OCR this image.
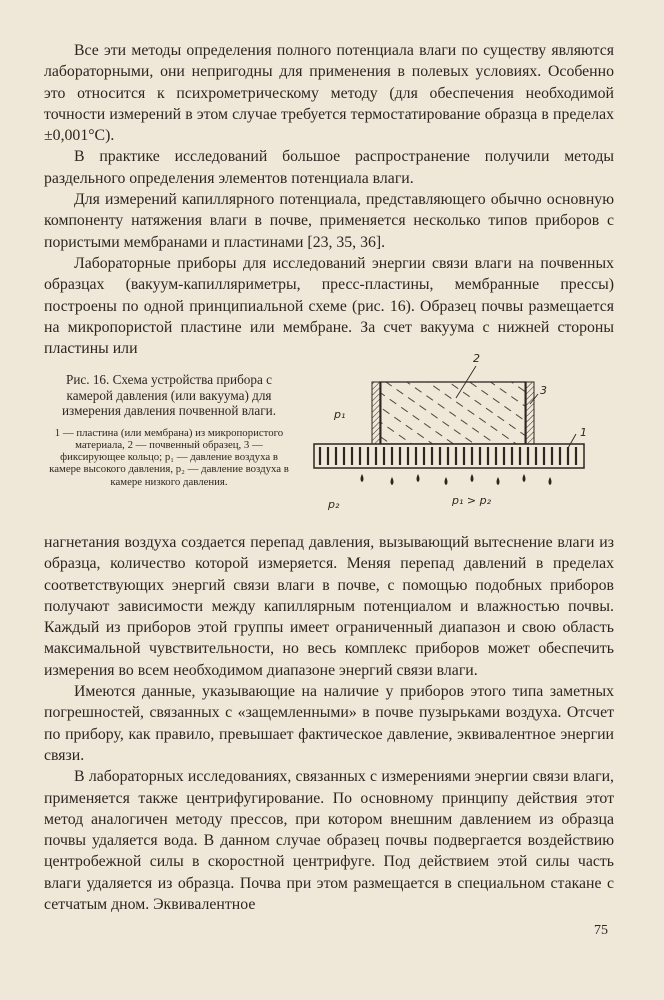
Все эти методы определения полного потенциала влаги по существу являются лабораторными, они непригодны для применения в полевых условиях. Особенно это относится к психрометрическому методу (для обеспечения необходимой точности измерений в этом случае требуется термостатирование образца в пределах ±0,001°С).

В практике исследований большое распространение получили методы раздельного определения элементов потенциала влаги.

Для измерений капиллярного потенциала, представляющего обычно основную компоненту натяжения влаги в почве, применяется несколько типов приборов с пористыми мембранами и пластинами [23, 35, 36].

Лабораторные приборы для исследований энергии связи влаги на почвенных образцах (вакуум-капилляриметры, пресс-пластины, мембранные прессы) построены по одной принципиальной схеме (рис. 16). Образец почвы размещается на микропористой пластине или мембране. За счет вакуума с нижней стороны пластины или

Рис. 16. Схема устройства прибора с камерой давления (или вакуума) для измерения давления почвенной влаги.

1 — пластина (или мембрана) из микропористого материала, 2 — почвенный образец, 3 — фиксирующее кольцо; p₁ — давление воздуха в камере высокого давления, p₂ — давление воздуха в камере низкого давления.

2
3
1
p₁
p₂	p₁ > p₂

нагнетания воздуха создается перепад давления, вызывающий вытеснение влаги из образца, количество которой измеряется. Меняя перепад давлений в пределах соответствующих энергий связи влаги в почве, с помощью подобных приборов получают зависимости между капиллярным потенциалом и влажностью почвы. Каждый из приборов этой группы имеет ограниченный диапазон и свою область максимальной чувствительности, но весь комплекс приборов может обеспечить измерения во всем необходимом диапазоне энергий связи влаги.

Имеются данные, указывающие на наличие у приборов этого типа заметных погрешностей, связанных с «защемленными» в почве пузырьками воздуха. Отсчет по прибору, как правило, превышает фактическое давление, эквивалентное энергии связи.

В лабораторных исследованиях, связанных с измерениями энергии связи влаги, применяется также центрифугирование. По основному принципу действия этот метод аналогичен методу прессов, при котором внешним давлением из образца почвы удаляется вода. В данном случае образец почвы подвергается воздействию центробежной силы в скоростной центрифуге. Под действием этой силы часть влаги удаляется из образца. Почва при этом размещается в специальном стакане с сетчатым дном. Эквивалентное

75
